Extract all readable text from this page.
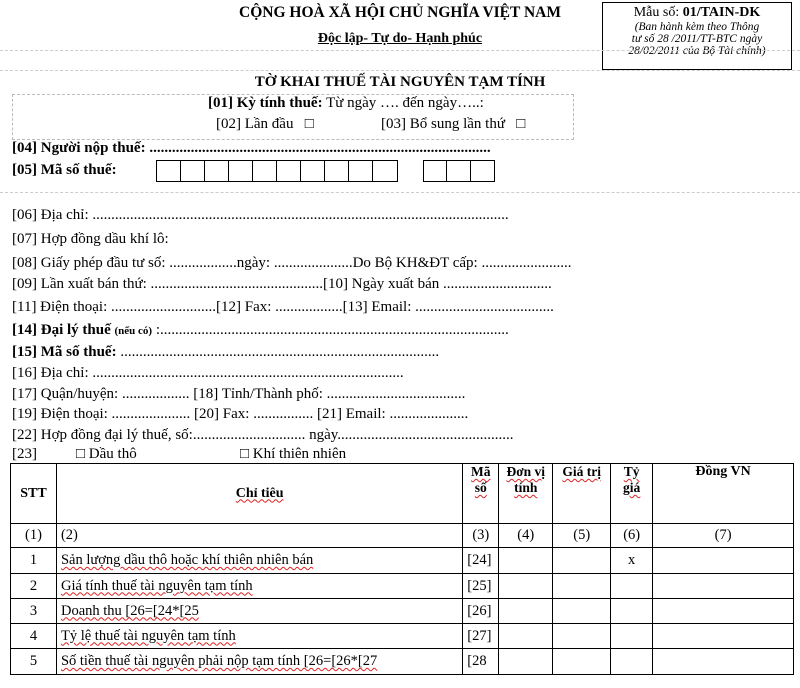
CỘNG HOÀ XÃ HỘI CHỦ NGHĨA VIỆT NAM
Độc lập- Tự do- Hạnh phúc
Mẫu số: 01/TAIN-DK
(Ban hành kèm theo Thông
tư số 28 /2011/TT-BTC ngày
28/02/2011 của Bộ Tài chính)
TỜ KHAI THUẾ TÀI NGUYÊN TẠM TÍNH
[01] Kỳ tính thuế: Từ ngày …. đến ngày…..:
[02] Lần đầu □	[03] Bổ sung lần thứ □
[04] Người nộp thuế: ...........................................................................................
[05] Mã số thuế:
[06] Địa chỉ: ...............................................................................................................
[07] Hợp đồng dầu khí lô:
[08] Giấy phép đầu tư số: ..................ngày: .....................Do Bộ KH&ĐT cấp: ........................
[09] Lần xuất bán thứ: ..............................................[10] Ngày xuất bán .............................
[11] Điện thoại: ............................[12] Fax: ..................[13] Email: .....................................
[14] Đại lý thuế (nếu có) :.............................................................................................
[15] Mã số thuế: .....................................................................................
[16] Địa chỉ: ...................................................................................
[17] Quận/huyện: .................. [18] Tỉnh/Thành phố: .....................................
[19] Điện thoại: ..................... [20] Fax: ................ [21] Email: .....................
[22] Hợp đồng đại lý thuế, số:.............................. ngày...............................................
[23]	□ Dầu thô	□ Khí thiên nhiên
STT	Chỉ tiêu	Mã số	Đơn vị tính	Giá trị	Tỷ giá	Đồng VN
(1)	(2)	(3)	(4)	(5)	(6)	(7)
1	Sản lượng dầu thô hoặc khí thiên nhiên bán	[24]			x	
2	Giá tính thuế tài nguyên tạm tính	[25]				
3	Doanh thu [26=[24*[25	[26]				
4	Tỷ lệ thuế tài nguyên tạm tính	[27]				
5	Số tiền thuế tài nguyên phải nộp tạm tính [26=[26*[27	[28				
